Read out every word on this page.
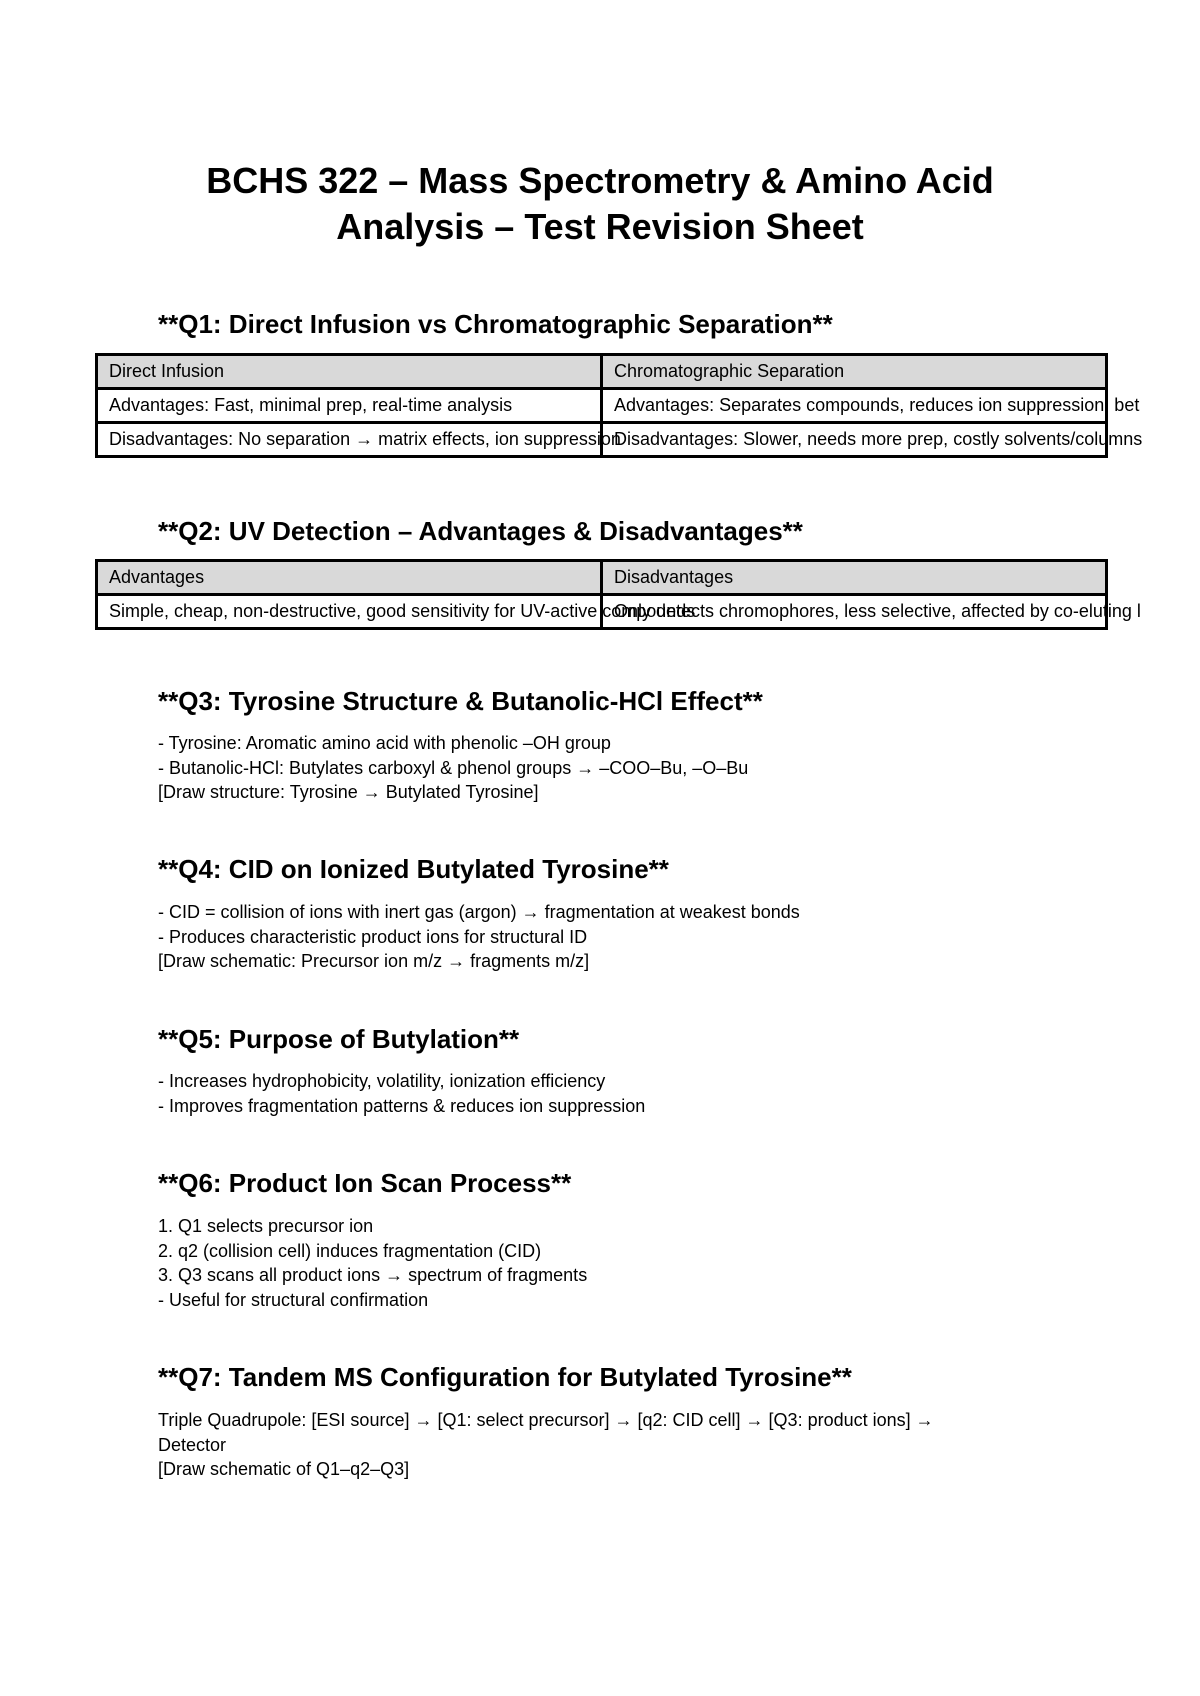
BCHS 322 – Mass Spectrometry & Amino Acid
Analysis – Test Revision Sheet
**Q1: Direct Infusion vs Chromatographic Separation**
Direct Infusion	Chromatographic Separation
Advantages: Fast, minimal prep, real-time analysis	Advantages: Separates compounds, reduces ion suppression, bet
Disadvantages: No separation → matrix effects, ion suppression	Disadvantages: Slower, needs more prep, costly solvents/columns
**Q2: UV Detection – Advantages & Disadvantages**
Advantages	Disadvantages
Simple, cheap, non-destructive, good sensitivity for UV-active compounds	Only detects chromophores, less selective, affected by co-eluting l
**Q3: Tyrosine Structure & Butanolic-HCl Effect**
- Tyrosine: Aromatic amino acid with phenolic –OH group
- Butanolic-HCl: Butylates carboxyl & phenol groups → –COO–Bu, –O–Bu
[Draw structure: Tyrosine → Butylated Tyrosine]
**Q4: CID on Ionized Butylated Tyrosine**
- CID = collision of ions with inert gas (argon) → fragmentation at weakest bonds
- Produces characteristic product ions for structural ID
[Draw schematic: Precursor ion m/z → fragments m/z]
**Q5: Purpose of Butylation**
- Increases hydrophobicity, volatility, ionization efficiency
- Improves fragmentation patterns & reduces ion suppression
**Q6: Product Ion Scan Process**
1. Q1 selects precursor ion
2. q2 (collision cell) induces fragmentation (CID)
3. Q3 scans all product ions → spectrum of fragments
- Useful for structural confirmation
**Q7: Tandem MS Configuration for Butylated Tyrosine**
Triple Quadrupole: [ESI source] → [Q1: select precursor] → [q2: CID cell] → [Q3: product ions] →
Detector
[Draw schematic of Q1–q2–Q3]
